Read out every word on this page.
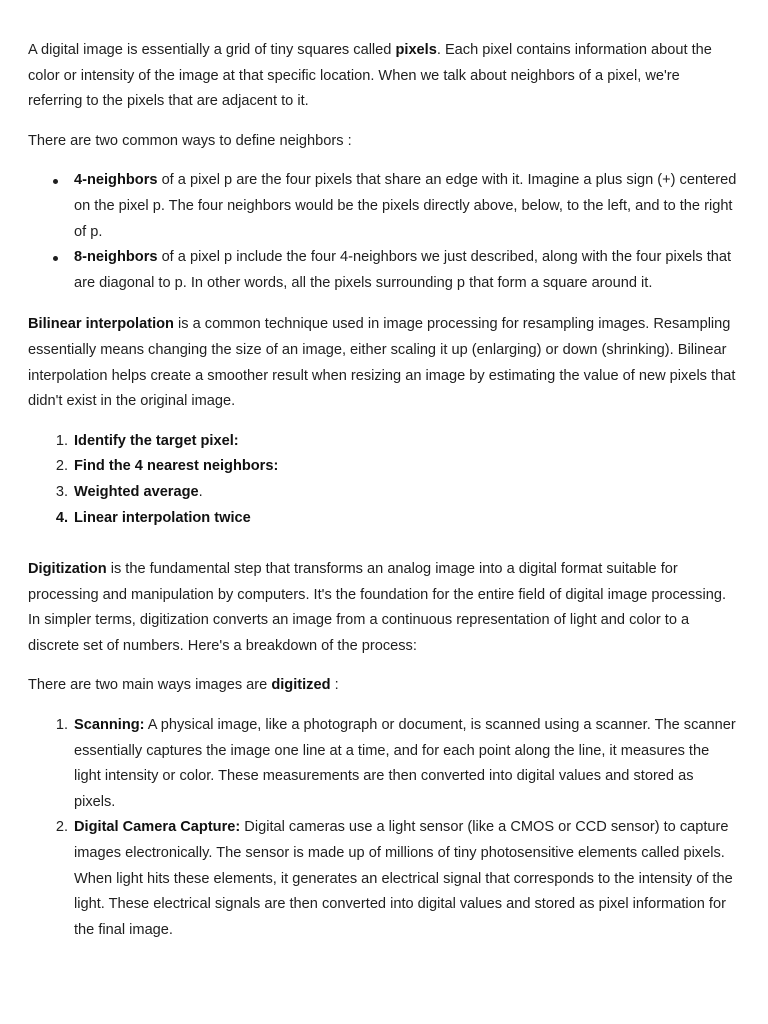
A digital image is essentially a grid of tiny squares called pixels. Each pixel contains information about the color or intensity of the image at that specific location. When we talk about neighbors of a pixel, we're referring to the pixels that are adjacent to it.

There are two common ways to define neighbors :

4-neighbors of a pixel p are the four pixels that share an edge with it. Imagine a plus sign (+) centered on the pixel p. The four neighbors would be the pixels directly above, below, to the left, and to the right of p.
8-neighbors of a pixel p include the four 4-neighbors we just described, along with the four pixels that are diagonal to p. In other words, all the pixels surrounding p that form a square around it.

Bilinear interpolation is a common technique used in image processing for resampling images. Resampling essentially means changing the size of an image, either scaling it up (enlarging) or down (shrinking). Bilinear interpolation helps create a smoother result when resizing an image by estimating the value of new pixels that didn't exist in the original image.

1. Identify the target pixel:
2. Find the 4 nearest neighbors:
3. Weighted average.
4. Linear interpolation twice

Digitization is the fundamental step that transforms an analog image into a digital format suitable for processing and manipulation by computers. It's the foundation for the entire field of digital image processing. In simpler terms, digitization converts an image from a continuous representation of light and color to a discrete set of numbers. Here's a breakdown of the process:

There are two main ways images are digitized :

1. Scanning: A physical image, like a photograph or document, is scanned using a scanner. The scanner essentially captures the image one line at a time, and for each point along the line, it measures the light intensity or color. These measurements are then converted into digital values and stored as pixels.
2. Digital Camera Capture: Digital cameras use a light sensor (like a CMOS or CCD sensor) to capture images electronically. The sensor is made up of millions of tiny photosensitive elements called pixels. When light hits these elements, it generates an electrical signal that corresponds to the intensity of the light. These electrical signals are then converted into digital values and stored as pixel information for the final image.
